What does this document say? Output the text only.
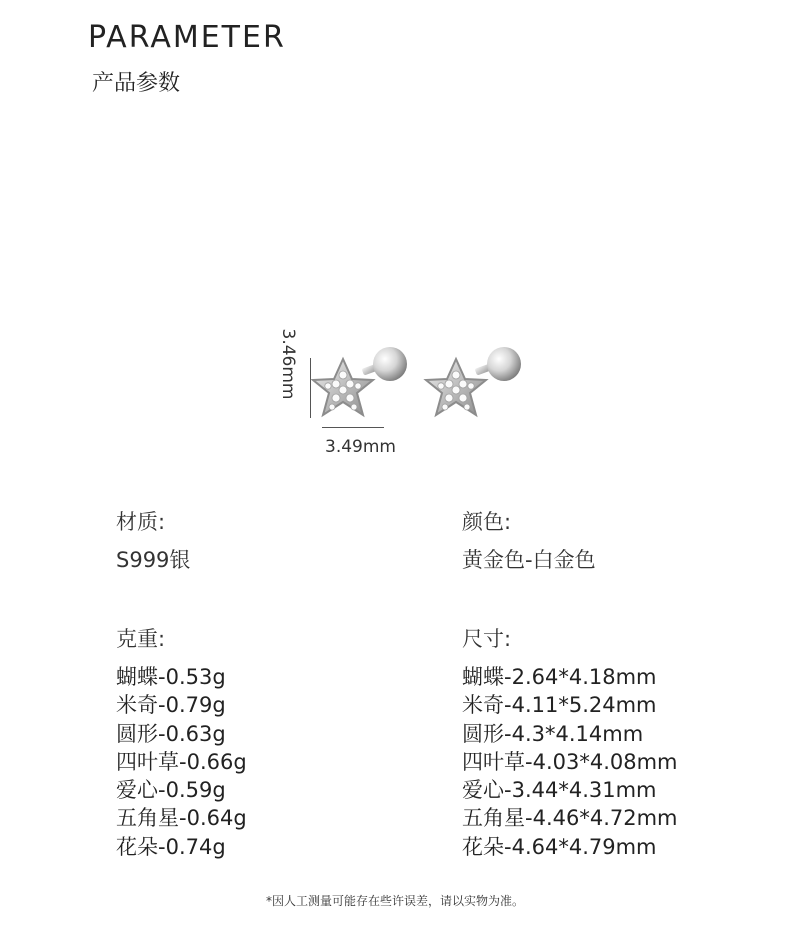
PARAMETER
产品参数
3.46mm
3.49mm
材质:
S999银
颜色:
黄金色-白金色
克重:
蝴蝶-0.53g
米奇-0.79g
圆形-0.63g
四叶草-0.66g
爱心-0.59g
五角星-0.64g
花朵-0.74g
尺寸:
蝴蝶-2.64*4.18mm
米奇-4.11*5.24mm
圆形-4.3*4.14mm
四叶草-4.03*4.08mm
爱心-3.44*4.31mm
五角星-4.46*4.72mm
花朵-4.64*4.79mm
*因人工测量可能存在些许误差，请以实物为准。
